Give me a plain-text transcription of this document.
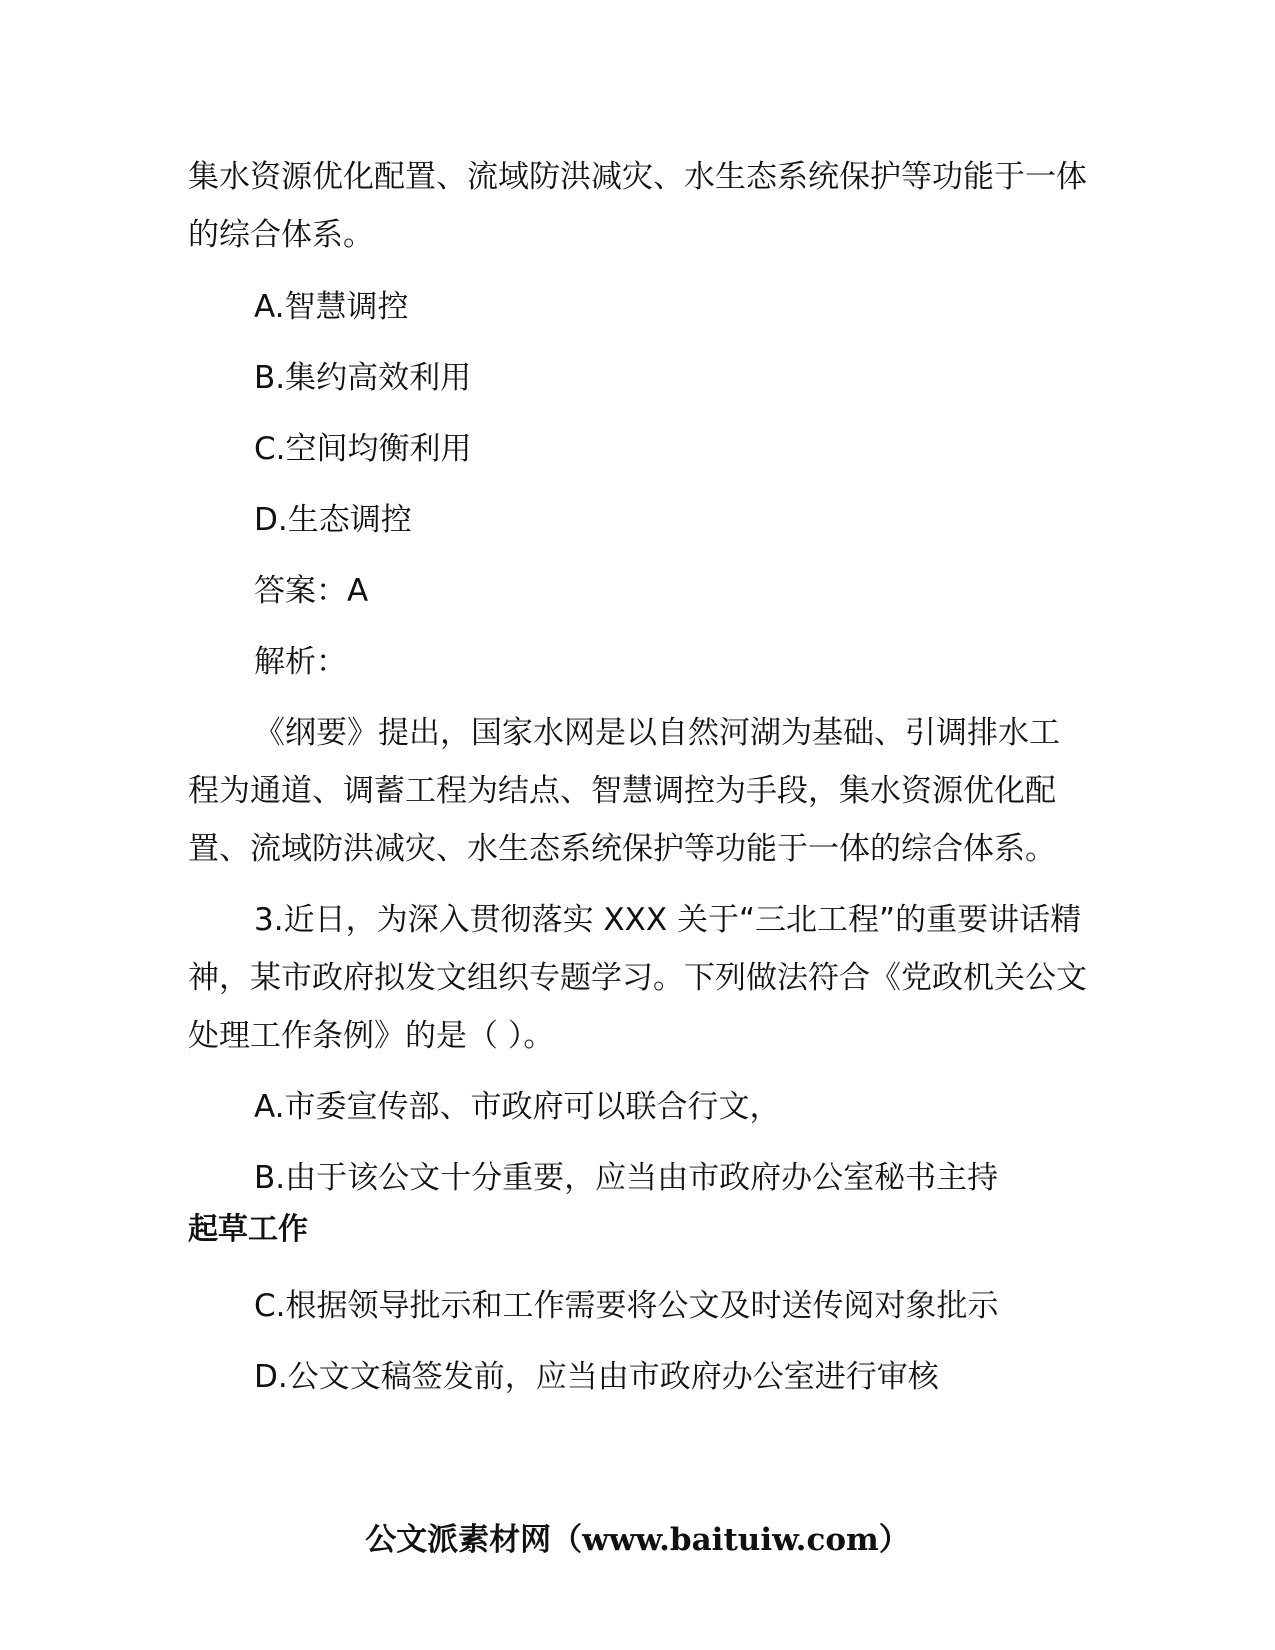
集水资源优化配置、流域防洪减灾、水生态系统保护等功能于一体的综合体系。

A.智慧调控

B.集约高效利用

C.空间均衡利用

D.生态调控

答案：A

解析：

《纲要》提出，国家水网是以自然河湖为基础、引调排水工程为通道、调蓄工程为结点、智慧调控为手段，集水资源优化配置、流域防洪减灾、水生态系统保护等功能于一体的综合体系。

3.近日，为深入贯彻落实 XXX 关于“三北工程”的重要讲话精神，某市政府拟发文组织专题学习。下列做法符合《党政机关公文处理工作条例》的是（ ）。

A.市委宣传部、市政府可以联合行文，

B.由于该公文十分重要，应当由市政府办公室秘书主持

起草工作

C.根据领导批示和工作需要将公文及时送传阅对象批示

D.公文文稿签发前，应当由市政府办公室进行审核

公文派素材网（www.baituiw.com）
